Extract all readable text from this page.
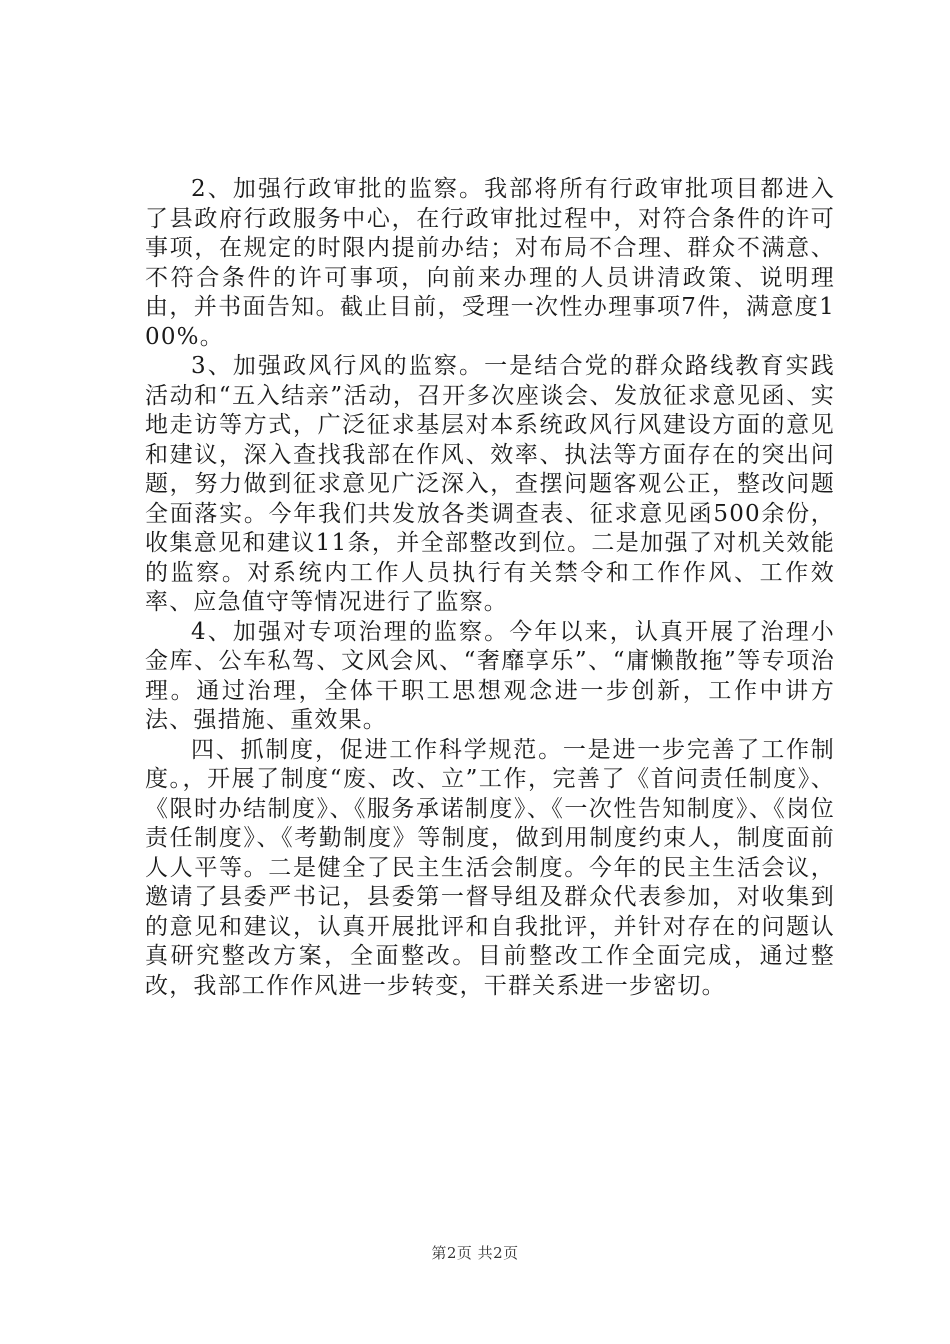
2、加强行政审批的监察。我部将所有行政审批项目都进入了县政府行政服务中心，在行政审批过程中，对符合条件的许可事项，在规定的时限内提前办结；对布局不合理、群众不满意、不符合条件的许可事项，向前来办理的人员讲清政策、说明理由，并书面告知。截止目前，受理一次性办理事项7件，满意度100%。

3、加强政风行风的监察。一是结合党的群众路线教育实践活动和“五入结亲”活动，召开多次座谈会、发放征求意见函、实地走访等方式，广泛征求基层对本系统政风行风建设方面的意见和建议，深入查找我部在作风、效率、执法等方面存在的突出问题，努力做到征求意见广泛深入，查摆问题客观公正，整改问题全面落实。今年我们共发放各类调查表、征求意见函500余份，收集意见和建议11条，并全部整改到位。二是加强了对机关效能的监察。对系统内工作人员执行有关禁令和工作作风、工作效率、应急值守等情况进行了监察。

4、加强对专项治理的监察。今年以来，认真开展了治理小金库、公车私驾、文风会风、“奢靡享乐”、“庸懒散拖”等专项治理。通过治理，全体干职工思想观念进一步创新，工作中讲方法、强措施、重效果。

四、抓制度，促进工作科学规范。一是进一步完善了工作制度。，开展了制度“废、改、立”工作，完善了《首问责任制度》、《限时办结制度》、《服务承诺制度》、《一次性告知制度》、《岗位责任制度》、《考勤制度》等制度，做到用制度约束人，制度面前人人平等。二是健全了民主生活会制度。今年的民主生活会议，邀请了县委严书记，县委第一督导组及群众代表参加，对收集到的意见和建议，认真开展批评和自我批评，并针对存在的问题认真研究整改方案，全面整改。目前整改工作全面完成，通过整改，我部工作作风进一步转变，干群关系进一步密切。

第2页 共2页
